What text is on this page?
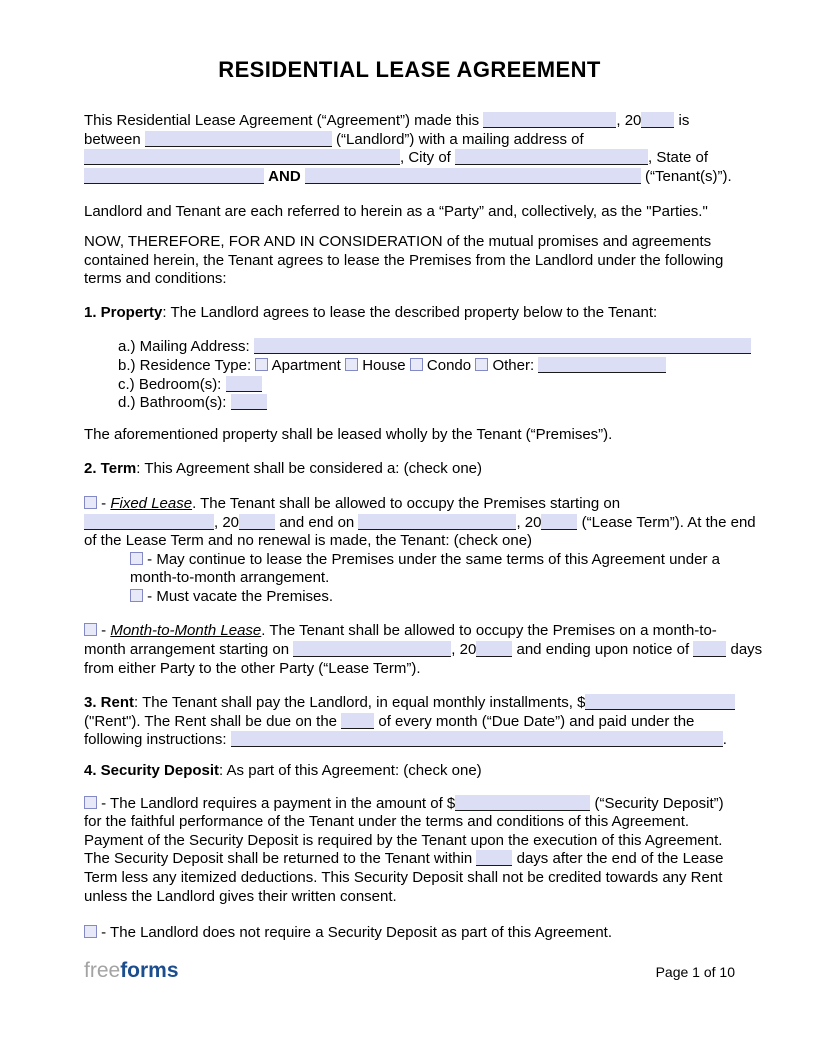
RESIDENTIAL LEASE AGREEMENT
This Residential Lease Agreement (“Agreement”) made this	, 20 is
between	(“Landlord”) with a mailing address of
, City of	, State of
AND	(“Tenant(s)”).
Landlord and Tenant are each referred to herein as a “Party” and, collectively, as the "Parties."
NOW, THEREFORE, FOR AND IN CONSIDERATION of the mutual promises and agreements
contained herein, the Tenant agrees to lease the Premises from the Landlord under the following
terms and conditions:
1. Property: The Landlord agrees to lease the described property below to the Tenant:
a.) Mailing Address:
b.) Residence Type:  Apartment  House  Condo  Other:
c.) Bedroom(s):
d.) Bathroom(s):
The aforementioned property shall be leased wholly by the Tenant (“Premises”).
2. Term: This Agreement shall be considered a: (check one)
- Fixed Lease. The Tenant shall be allowed to occupy the Premises starting on
, 20 and end on	, 20 (“Lease Term”). At the end
of the Lease Term and no renewal is made, the Tenant: (check one)
- May continue to lease the Premises under the same terms of this Agreement under a
month-to-month arrangement.
- Must vacate the Premises.
- Month-to-Month Lease. The Tenant shall be allowed to occupy the Premises on a month-to-
month arrangement starting on	, 20 and ending upon notice of  days
from either Party to the other Party (“Lease Term”).
3. Rent: The Tenant shall pay the Landlord, in equal monthly installments, $
("Rent"). The Rent shall be due on the  of every month (“Due Date”) and paid under the
following instructions:	.
4. Security Deposit: As part of this Agreement: (check one)
- The Landlord requires a payment in the amount of $	(“Security Deposit”)
for the faithful performance of the Tenant under the terms and conditions of this Agreement.
Payment of the Security Deposit is required by the Tenant upon the execution of this Agreement.
The Security Deposit shall be returned to the Tenant within  days after the end of the Lease
Term less any itemized deductions. This Security Deposit shall not be credited towards any Rent
unless the Landlord gives their written consent.
- The Landlord does not require a Security Deposit as part of this Agreement.
freeforms	Page 1 of 10
